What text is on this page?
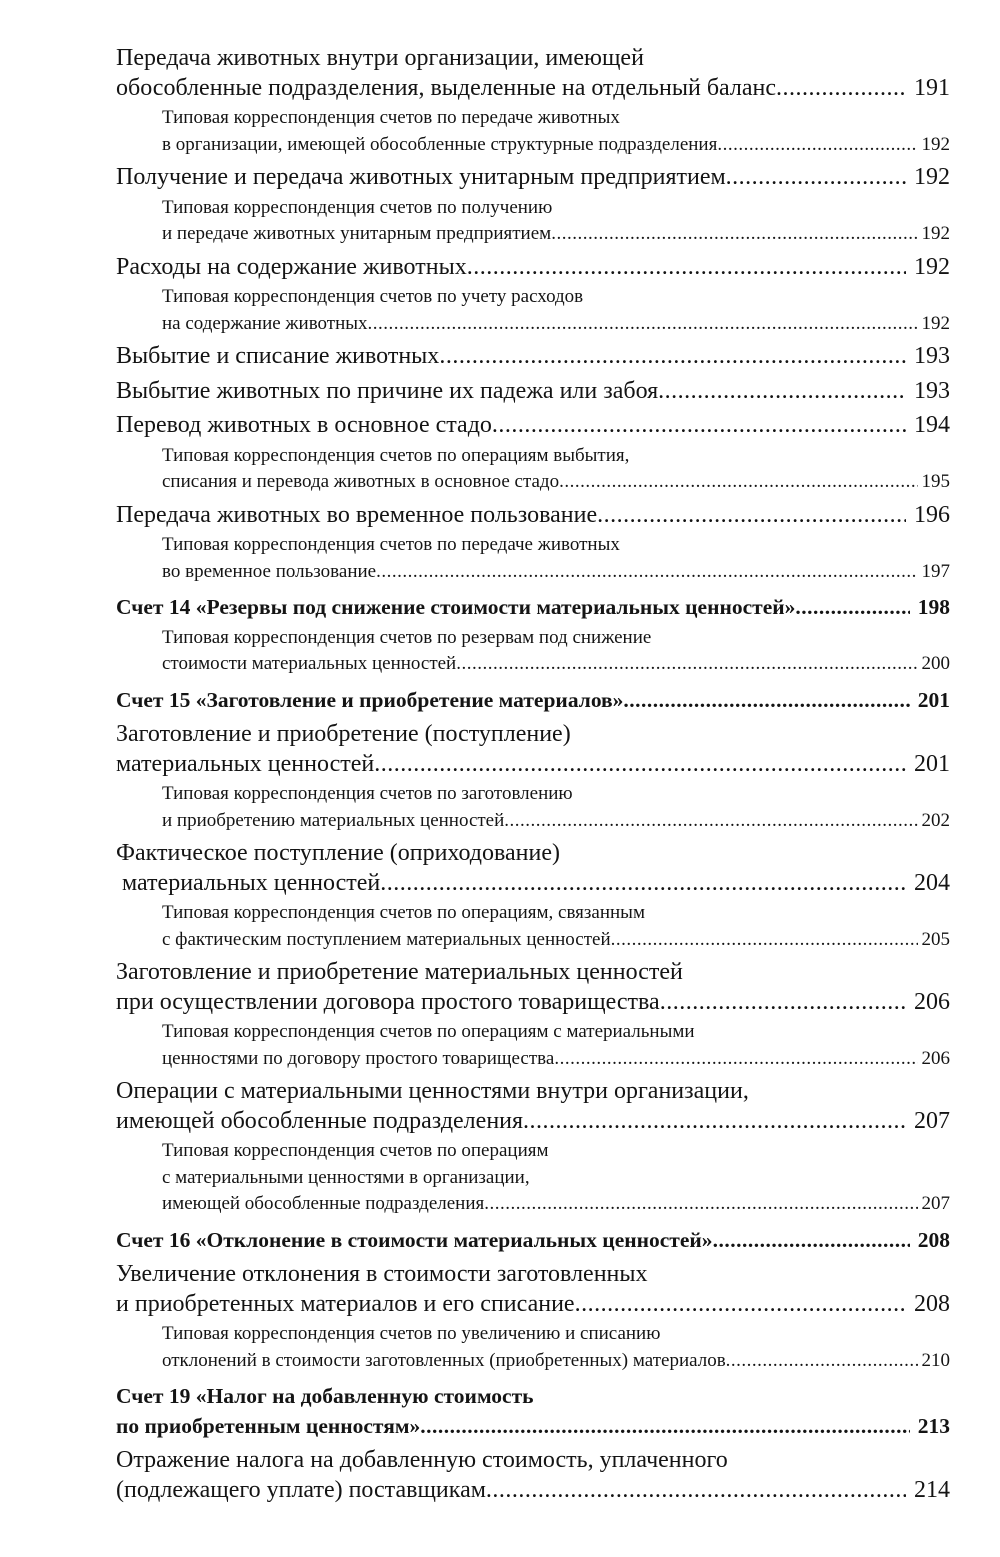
Передача животных внутри организации, имеющей
обособленные подразделения, выделенные на отдельный баланс .....	191
Типовая корреспонденция счетов по передаче животных
в организации, имеющей обособленные структурные подразделения .....	192
Получение и передача животных унитарным предприятием .....	192
Типовая корреспонденция счетов по получению
и передаче животных унитарным предприятием .....	192
Расходы на содержание животных .....	192
Типовая корреспонденция счетов по учету расходов
на содержание животных .....	192
Выбытие и списание животных .....	193
Выбытие животных по причине их падежа или забоя .....	193
Перевод животных в основное стадо .....	194
Типовая корреспонденция счетов по операциям выбытия,
списания и перевода животных в основное стадо .....	195
Передача животных во временное пользование .....	196
Типовая корреспонденция счетов по передаче животных
во временное пользование .....	197
Счет 14 «Резервы под снижение стоимости материальных ценностей» .....	198
Типовая корреспонденция счетов по резервам под снижение
стоимости материальных ценностей .....	200
Счет 15 «Заготовление и приобретение материалов» .....	201
Заготовление и приобретение (поступление)
материальных ценностей .....	201
Типовая корреспонденция счетов по заготовлению
и приобретению материальных ценностей .....	202
Фактическое поступление (оприходование)
материальных ценностей .....	204
Типовая корреспонденция счетов по операциям, связанным
с фактическим поступлением материальных ценностей .....	205
Заготовление и приобретение материальных ценностей
при осуществлении договора простого товарищества .....	206
Типовая корреспонденция счетов по операциям с материальными
ценностями по договору простого товарищества .....	206
Операции с материальными ценностями внутри организации,
имеющей обособленные подразделения .....	207
Типовая корреспонденция счетов по операциям
с материальными ценностями в организации,
имеющей обособленные подразделения .....	207
Счет 16 «Отклонение в стоимости материальных ценностей» .....	208
Увеличение отклонения в стоимости заготовленных
и приобретенных материалов и его списание .....	208
Типовая корреспонденция счетов по увеличению и списанию
отклонений в стоимости заготовленных (приобретенных) материалов .....	210
Счет 19 «Налог на добавленную стоимость
по приобретенным ценностям» .....	213
Отражение налога на добавленную стоимость, уплаченного
(подлежащего уплате) поставщикам .....	214
